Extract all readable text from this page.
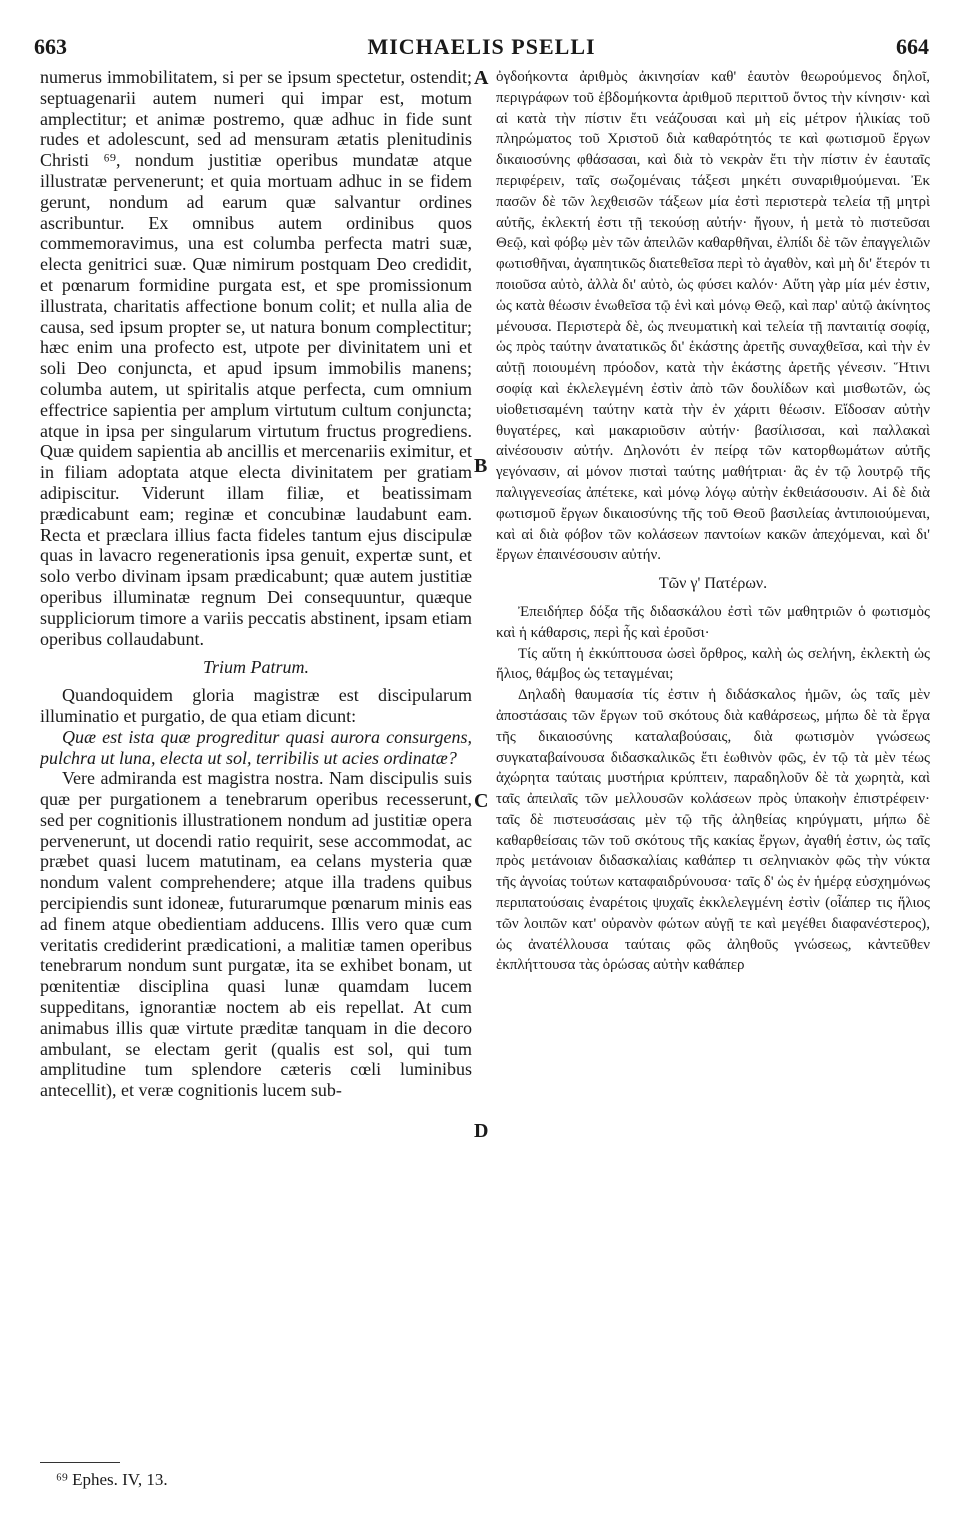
663	MICHAELIS PSELLI	664

numerus immobilitatem, si per se ipsum spectetur, ostendit; septuagenarii autem numeri qui impar est, motum amplectitur; et animæ postremo, quæ adhuc in fide sunt rudes et adolescunt, sed ad mensuram ætatis plenitudinis Christi ⁶⁹, nondum justitiæ operibus mundatæ atque illustratæ pervenerunt; et quia mortuam adhuc in se fidem gerunt, nondum ad earum quæ salvantur ordines ascribuntur. Ex omnibus autem ordinibus quos commemoravimus, una est columba perfecta matri suæ, electa genitrici suæ. Quæ nimirum postquam Deo credidit, et pœnarum formidine purgata est, et spe promissionum illustrata, charitatis affectione bonum colit; et nulla alia de causa, sed ipsum propter se, ut natura bonum complectitur; hæc enim una profecto est, utpote per divinitatem uni et soli Deo conjuncta, et apud ipsum immobilis manens; columba autem, ut spiritalis atque perfecta, cum omnium effectrice sapientia per amplum virtutum cultum conjuncta; atque in ipsa per singularum virtutum fructus progrediens. Quæ quidem sapientia ab ancillis et mercenariis eximitur, et in filiam adoptata atque electa divinitatem per gratiam adipiscitur. Viderunt illam filiæ, et beatissimam prædicabunt eam; reginæ et concubinæ laudabunt eam. Recta et præclara illius facta fideles tantum ejus discipulæ quas in lavacro regenerationis ipsa genuit, expertæ sunt, et solo verbo divinam ipsam prædicabunt; quæ autem justitiæ operibus illuminatæ regnum Dei consequuntur, quæque suppliciorum timore a variis peccatis abstinent, ipsam etiam operibus collaudabunt.

Trium Patrum.

Quandoquidem gloria magistræ est discipularum illuminatio et purgatio, de qua etiam dicunt:

Quæ est ista quæ progreditur quasi aurora consurgens, pulchra ut luna, electa ut sol, terribilis ut acies ordinatæ?

Vere admiranda est magistra nostra. Nam discipulis suis quæ per purgationem a tenebrarum operibus recesserunt, sed per cognitionis illustrationem nondum ad justitiæ opera pervenerunt, ut docendi ratio requirit, sese accommodat, ac præbet quasi lucem matutinam, ea celans mysteria quæ nondum valent comprehendere; atque illa tradens quibus percipiendis sunt idoneæ, futurarumque pœnarum minis eas ad finem atque obedientiam adducens. Illis vero quæ cum veritatis crediderint prædicationi, a malitiæ tamen operibus tenebrarum nondum sunt purgatæ, ita se exhibet bonam, ut pœnitentiæ disciplina quasi lunæ quamdam lucem suppeditans, ignorantiæ noctem ab eis repellat. At cum animabus illis quæ virtute præditæ tanquam in die decoro ambulant, se electam gerit (qualis est sol, qui tum amplitudine tum splendore cæteris cœli luminibus antecellit), et veræ cognitionis lucem sub-

A
B
C
D

ὀγδοήκοντα ἀριθμὸς ἀκινησίαν καθ' ἑαυτὸν θεωρούμενος δηλοῖ, περιγράφων τοῦ ἑβδομήκοντα ἀριθμοῦ περιττοῦ ὄντος τὴν κίνησιν· καὶ αἱ κατὰ τὴν πίστιν ἔτι νεάζουσαι καὶ μὴ εἰς μέτρον ἡλικίας τοῦ πληρώματος τοῦ Χριστοῦ διὰ καθαρότητός τε καὶ φωτισμοῦ ἔργων δικαιοσύνης φθάσασαι, καὶ διὰ τὸ νεκρὰν ἔτι τὴν πίστιν ἐν ἑαυταῖς περιφέρειν, ταῖς σωζομέναις τάξεσι μηκέτι συναριθμούμεναι. Ἐκ πασῶν δὲ τῶν λεχθεισῶν τάξεων μία ἐστὶ περιστερὰ τελεία τῇ μητρὶ αὐτῆς, ἐκλεκτή ἐστι τῇ τεκούσῃ αὐτήν· ἤγουν, ἡ μετὰ τὸ πιστεῦσαι Θεῷ, καὶ φόβῳ μὲν τῶν ἀπειλῶν καθαρθῆναι, ἐλπίδι δὲ τῶν ἐπαγγελιῶν φωτισθῆναι, ἀγαπητικῶς διατεθεῖσα περὶ τὸ ἀγαθὸν, καὶ μὴ δι' ἕτερόν τι ποιοῦσα αὐτὸ, ἀλλὰ δι' αὐτὸ, ὡς φύσει καλόν· Αὕτη γὰρ μία μέν ἐστιν, ὡς κατὰ θέωσιν ἑνωθεῖσα τῷ ἑνὶ καὶ μόνῳ Θεῷ, καὶ παρ' αὐτῷ ἀκίνητος μένουσα. Περιστερὰ δὲ, ὡς πνευματικὴ καὶ τελεία τῇ πανταιτίᾳ σοφίᾳ, ὡς πρὸς ταύτην ἀνατατικῶς δι' ἑκάστης ἀρετῆς συναχθεῖσα, καὶ τὴν ἐν αὐτῇ ποιουμένη πρόοδον, κατὰ τὴν ἑκάστης ἀρετῆς γένεσιν. Ἥτινι σοφίᾳ καὶ ἐκλελεγμένη ἐστὶν ἀπὸ τῶν δουλίδων καὶ μισθωτῶν, ὡς υἱοθετισαμένη ταύτην κατὰ τὴν ἐν χάριτι θέωσιν. Εἴδοσαν αὐτὴν θυγατέρες, καὶ μακαριοῦσιν αὐτήν· βασίλισσαι, καὶ παλλακαὶ αἰνέσουσιν αὐτήν. Δηλονότι ἐν πείρᾳ τῶν κατορθωμάτων αὐτῆς γεγόνασιν, αἱ μόνον πισταὶ ταύτης μαθήτριαι· ἃς ἐν τῷ λουτρῷ τῆς παλιγγενεσίας ἀπέτεκε, καὶ μόνῳ λόγῳ αὐτὴν ἐκθειάσουσιν. Αἱ δὲ διὰ φωτισμοῦ ἔργων δικαιοσύνης τῆς τοῦ Θεοῦ βασιλείας ἀντιποιούμεναι, καὶ αἱ διὰ φόβον τῶν κολάσεων παντοίων κακῶν ἀπεχόμεναι, καὶ δι' ἔργων ἐπαινέσουσιν αὐτήν.

Τῶν γ' Πατέρων.

Ἐπειδήπερ δόξα τῆς διδασκάλου ἐστὶ τῶν μαθητριῶν ὁ φωτισμὸς καὶ ἡ κάθαρσις, περὶ ἧς καὶ ἐροῦσι·

Τίς αὕτη ἡ ἐκκύπτουσα ὡσεὶ ὄρθρος, καλὴ ὡς σελήνη, ἐκλεκτὴ ὡς ἥλιος, θάμβος ὡς τεταγμέναι;

Δηλαδὴ θαυμασία τίς ἐστιν ἡ διδάσκαλος ἡμῶν, ὡς ταῖς μὲν ἀποστάσαις τῶν ἔργων τοῦ σκότους διὰ καθάρσεως, μήπω δὲ τὰ ἔργα τῆς δικαιοσύνης καταλαβούσαις, διὰ φωτισμὸν γνώσεως συγκαταβαίνουσα διδασκαλικῶς ἔτι ἑωθινὸν φῶς, ἐν τῷ τὰ μὲν τέως ἀχώρητα ταύταις μυστήρια κρύπτειν, παραδηλοῦν δὲ τὰ χωρητὰ, καὶ ταῖς ἀπειλαῖς τῶν μελλουσῶν κολάσεων πρὸς ὑπακοὴν ἐπιστρέφειν· ταῖς δὲ πιστευσάσαις μὲν τῷ τῆς ἀληθείας κηρύγματι, μήπω δὲ καθαρθείσαις τῶν τοῦ σκότους τῆς κακίας ἔργων, ἀγαθή ἐστιν, ὡς ταῖς πρὸς μετάνοιαν διδασκαλίαις καθάπερ τι σεληνιακὸν φῶς τὴν νύκτα τῆς ἀγνοίας τούτων καταφαιδρύνουσα· ταῖς δ' ὡς ἐν ἡμέρᾳ εὐσχημόνως περιπατούσαις ἐναρέτοις ψυχαῖς ἐκκλελεγμένη ἐστὶν (οἷάπερ τις ἥλιος τῶν λοιπῶν κατ' οὐρανὸν φώτων αὐγῇ τε καὶ μεγέθει διαφανέστερος), ὡς ἀνατέλλουσα ταύταις φῶς ἀληθοῦς γνώσεως, κἀντεῦθεν ἐκπλήττουσα τὰς ὁρώσας αὐτὴν καθάπερ

⁶⁹ Ephes. IV, 13.
